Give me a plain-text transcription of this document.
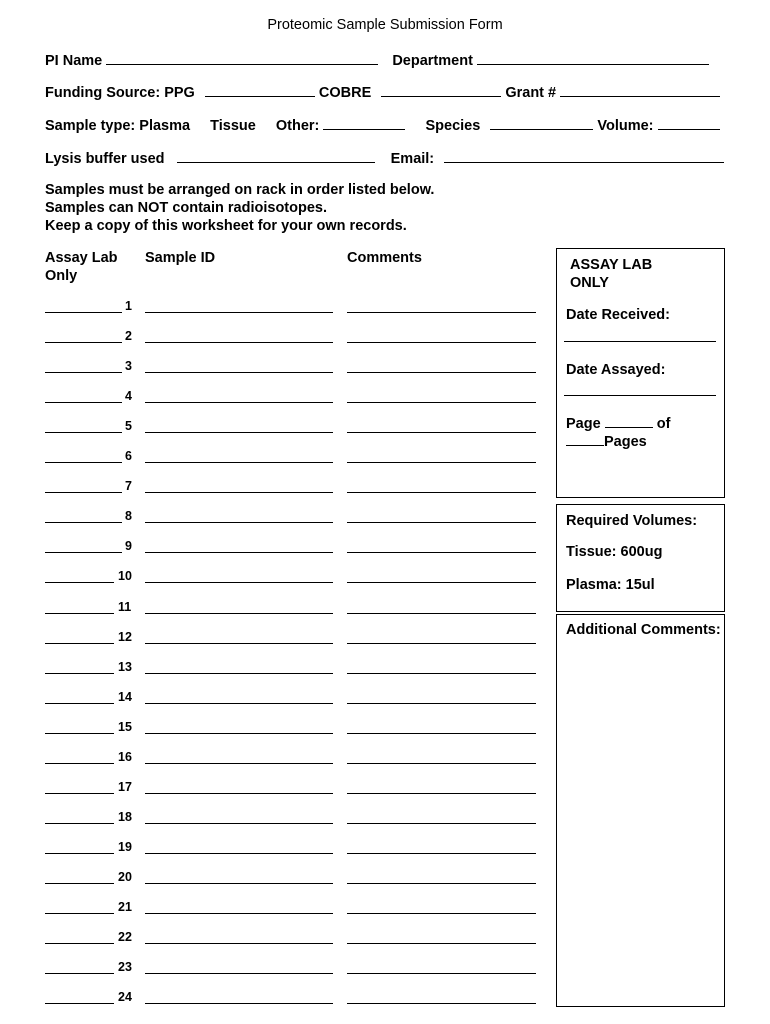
Proteomic Sample Submission Form
PI Name	Department
Funding Source: PPG	COBRE	Grant #
Sample type: Plasma Tissue Other:	Species	Volume:
Lysis buffer used	Email:
Samples must be arranged on rack in order listed below.
Samples can NOT contain radioisotopes.
Keep a copy of this worksheet for your own records.
Assay Lab
Only
Sample ID	Comments
1
2
3
4
5
6
7
8
9
10
11
12
13
14
15
16
17
18
19
20
21
22
23
24
ASSAY LAB
ONLY
Date Received:
Date Assayed:
Page	of
Pages
Required Volumes:
Tissue: 600ug
Plasma: 15ul
Additional Comments:
